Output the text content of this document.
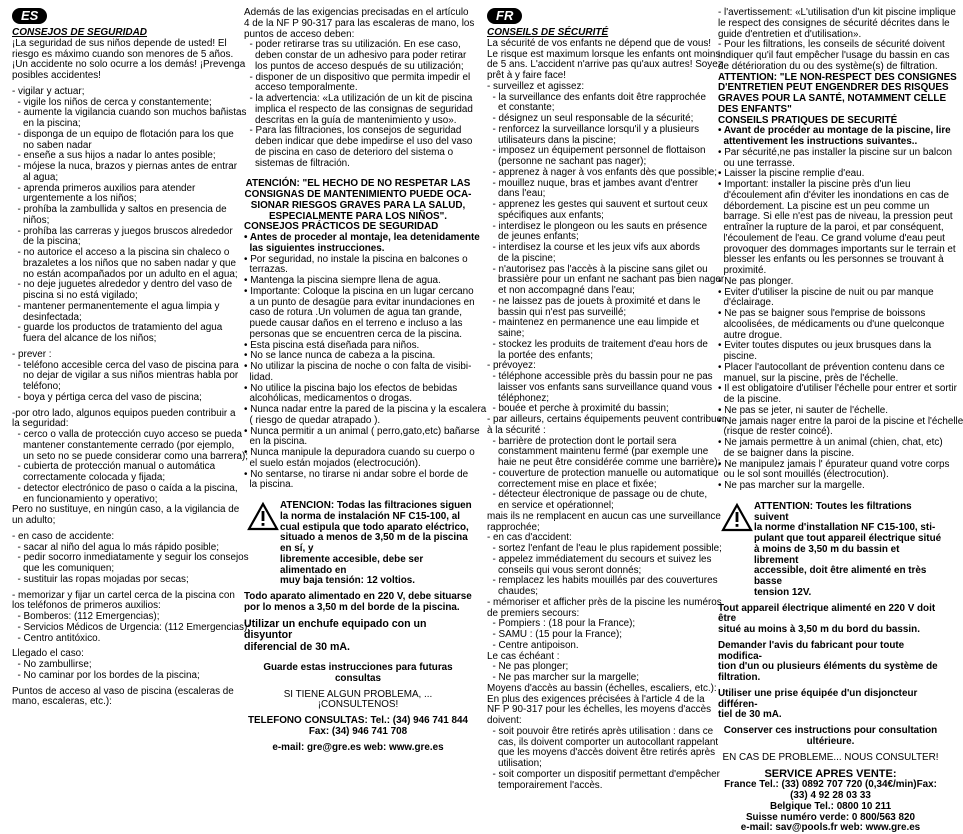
ES
CONSEJOS DE SEGURIDAD
¡La seguridad de sus niños depende de usted! El
riesgo es máximo cuando son menores de 5 años.
¡Un accidente no solo ocurre a los demás! ¡Prevenga
posibles accidentes!
- vigilar y actuar;
- vigile los niños de cerca y constantemente;
- aumente la vigilancia cuando son muchos bañistas
en la piscina;
- disponga de un equipo de flotación para los que
no saben nadar
- enseñe a sus hijos a nadar lo antes posible;
- mójese la nuca, brazos y piernas antes de entrar
al agua;
- aprenda primeros auxilios para atender
urgentemente a los niños;
- prohíba la zambullida y saltos en presencia de
niños;
- prohíba las carreras y juegos bruscos alrededor
de la piscina;
- no autorice el acceso a la piscina sin chaleco o
brazaletes a los niños que no saben nadar y que
no están acompañados por un adulto en el agua;
- no deje juguetes alrededor y dentro del vaso de
piscina si no está vigilado;
- mantener permanentemente el agua limpia y
desinfectada;
- guarde los productos de tratamiento del agua
fuera del alcance de los niños;
- prever :
- teléfono accesible cerca del vaso de piscina para
no dejar de vigilar a sus niños mientras habla por
teléfono;
- boya y pértiga cerca del vaso de piscina;
-por otro lado, algunos equipos pueden contribuir a
la seguridad:
- cerco o valla de protección cuyo acceso se pueda
mantener constantemente cerrado (por ejemplo,
un seto no se puede considerar como una barrera);
- cubierta de protección manual o automática
correctamente colocada y fijada;
- detector electrónico de paso o caída a la piscina,
en funcionamiento y operativo;
Pero no sustituye, en ningún caso, a la vigilancia de
un adulto;
- en caso de accidente:
- sacar al niño del agua lo más rápido posible;
- pedir socorro inmediatamente y seguir los consejos
que les comuniquen;
- sustituir las ropas mojadas por secas;
- memorizar y fijar un cartel cerca de la piscina con
los teléfonos de primeros auxilios:
- Bomberos: (112 Emergencias);
- Servicios Médicos de Urgencia: (112 Emergencias);
- Centro antitóxico.
Llegado el caso:
- No zambullirse;
- No caminar por los bordes de la piscina;
Puntos de acceso al vaso de piscina (escaleras de
mano, escaleras, etc.):
Además de las exigencias precisadas en el artículo
4 de la NF P 90-317 para las escaleras de mano, los
puntos de acceso deben:
- poder retirarse tras su utilización. En ese caso,
deben constar de un adhesivo para poder retirar
los puntos de acceso después de su utilización;
- disponer de un dispositivo que permita impedir el
acceso temporalmente.
- la advertencia: «La utilización de un kit de piscina
implica el respecto de las consignas de seguridad
descritas en la guía de mantenimiento y uso».
- Para las filtraciones, los consejos de seguridad
deben indicar que debe impedirse el uso del vaso
de piscina en caso de deterioro del sistema o
sistemas de filtración.
ATENCIÓN: "EL HECHO DE NO RESPETAR LAS
CONSIGNAS DE MANTENIMIENTO PUEDE OCA-
SIONAR RIESGOS GRAVES PARA LA SALUD,
ESPECIALMENTE PARA LOS NIÑOS".
CONSEJOS PRÁCTICOS DE SEGURIDAD
• Antes de proceder al montaje, lea detenidamente
las siguientes instrucciones.
• Por seguridad, no instale la piscina en balcones o
terrazas.
• Mantenga la piscina siempre llena de agua.
• Importante: Coloque la piscina en un lugar cercano
a un punto de desagüe para evitar inundaciones en
caso de rotura .Un volumen de agua tan grande,
puede causar daños en el terreno e incluso a las
personas que se encuentren cerca de la piscina.
• Esta piscina está diseñada para niños.
• No se lance nunca de cabeza a la piscina.
• No utilizar la piscina de noche o con falta de visibi-
lidad.
• No utilice la piscina bajo los efectos de bebidas
alcohólicas, medicamentos o drogas.
• Nunca nadar entre la pared de la piscina y la escalera
( riesgo de quedar atrapado ).
• Nunca permitir a un animal ( perro,gato,etc) bañarse
en la piscina.
• Nunca manipule la depuradora cuando su cuerpo o
el suelo están mojados (electrocución).
• No sentarse, no tirarse ni andar sobre el borde de
la piscina.
ATENCION: Todas las filtraciones siguen
la norma de instalación NF C15-100, al
cual estipula que todo aparato eléctrico,
situado a menos de 3,50 m de la piscina en sí, y
libremente accesible, debe ser alimentado en
muy baja tensión: 12 voltios.
Todo aparato alimentado en 220 V, debe situarse
por lo menos a 3,50 m del borde de la piscina.
Utilizar un enchufe equipado con un disyuntor
diferencial de 30 mA.
Guarde estas instrucciones para futuras consultas
SI TIENE ALGUN PROBLEMA, ...¡CONSULTENOS!
TELEFONO CONSULTAS: Tel.: (34) 946 741 844
Fax: (34) 946 741 708
e-mail: gre@gre.es web: www.gre.es
FR
CONSEILS DE SÉCURITÉ
La sécurité de vos enfants ne dépend que de vous!
Le risque est maximum lorsque les enfants ont moins
de 5 ans. L'accident n'arrive pas qu'aux autres! Soyez
prêt à y faire face!
- surveillez et agissez:
- la surveillance des enfants doit être rapprochée
et constante;
- désignez un seul responsable de la sécurité;
- renforcez la surveillance lorsqu'il y a plusieurs
utilisateurs dans la piscine;
- imposez un équipement personnel de flottaison
(personne ne sachant pas nager);
- apprenez à nager à vos enfants dès que possible;
- mouillez nuque, bras et jambes avant d'entrer
dans l'eau;
- apprenez les gestes qui sauvent et surtout ceux
spécifiques aux enfants;
- interdisez le plongeon ou les sauts en présence
de jeunes enfants;
- interdisez la course et les jeux vifs aux abords
de la piscine;
- n'autorisez pas l'accès à la piscine sans gilet ou
brassière pour un enfant ne sachant pas bien nager
et non accompagné dans l'eau;
- ne laissez pas de jouets à proximité et dans le
bassin qui n'est pas surveillé;
- maintenez en permanence une eau limpide et
saine;
- stockez les produits de traitement d'eau hors de
la portée des enfants;
- prévoyez:
- téléphone accessible près du bassin pour ne pas
laisser vos enfants sans surveillance quand vous
téléphonez;
- bouée et perche à proximité du bassin;
- par ailleurs, certains équipements peuvent contribuer
à la sécurité :
- barrière de protection dont le portail sera
constamment maintenu fermé (par exemple une
haie ne peut être considérée comme une barrière);
- couverture de protection manuelle ou automatique
correctement mise en place et fixée;
- détecteur électronique de passage ou de chute,
en service et opérationnel;
mais ils ne remplacent en aucun cas une surveillance
rapprochée;
- en cas d'accident:
- sortez l'enfant de l'eau le plus rapidement possible;
- appelez immédiatement du secours et suivez les
conseils qui vous seront donnés;
- remplacez les habits mouillés par des couvertures
chaudes;
- mémoriser et afficher près de la piscine les numéros
de premiers secours:
- Pompiers : (18 pour la France);
- SAMU : (15 pour la France);
- Centre antipoison.
Le cas échéant :
- Ne pas plonger;
- Ne pas marcher sur la margelle;
Moyens d'accès au bassin (échelles, escaliers, etc.):
En plus des exigences précisées à l'article 4 de la
NF P 90-317 pour les échelles, les moyens d'accès
doivent:
- soit pouvoir être retirés après utilisation : dans ce
cas, ils doivent comporter un autocollant rappelant
que les moyens d'accès doivent être retirés après
utilisation;
- soit comporter un dispositif permettant d'empêcher
temporairement l'accès.
- l'avertissement: «L'utilisation d'un kit piscine implique
le respect des consignes de sécurité décrites dans le
guide d'entretien et d'utilisation».
- Pour les filtrations, les conseils de sécurité doivent
indiquer qu'il faut empêcher l'usage du bassin en cas
de détérioration du ou des système(s) de filtration.
ATTENTION: "LE NON-RESPECT DES CONSIGNES
D'ENTRETIEN PEUT ENGENDRER DES RISQUES
GRAVES POUR LA SANTÉ, NOTAMMENT CELLE
DES ENFANTS"
CONSEILS PRATIQUES DE SECURITÉ
• Avant de procéder au montage de la piscine, lire
attentivement les instructions suivantes..
• Par sécurité,ne pas installer la piscine sur un balcon
ou une terrasse.
• Laisser la piscine remplie d'eau.
• Important: installer la piscine près d'un lieu
d'écoulement afin d'éviter les inondations en cas de
débordement. La piscine est un peu comme un
barrage. Si elle n'est pas de niveau, la pression peut
entraîner la rupture de la paroi, et par conséquent,
l'écoulement de l'eau. Ce grand volume d'eau peut
provoquer des dommages importants sur le terrain et
blesser les enfants ou les personnes se trouvant à
proximité.
• Ne pas plonger.
• Eviter d'utiliser la piscine de nuit ou par manque
d'éclairage.
• Ne pas se baigner sous l'emprise de boissons
alcoolisées, de médicaments ou d'une quelconque
autre drogue.
• Eviter toutes disputes ou jeux brusques dans la
piscine.
• Placer l'autocollant de prévention contenu dans ce
manuel, sur la piscine, près de l'échelle.
• Il est obligatoire d'utiliser l'échelle pour entrer et sortir
de la piscine.
• Ne pas se jeter, ni sauter de l'échelle.
• Ne jamais nager entre la paroi de la piscine et l'échelle
(risque de rester coincé).
• Ne jamais permettre à un animal (chien, chat, etc)
de se baigner dans la piscine.
• Ne manipulez jamais l' épurateur quand votre corps
ou le sol sont mouillés (électrocution).
• Ne pas marcher sur la margelle.
ATTENTION: Toutes les filtrations suivent
la norme d'installation NF C15-100, sti-
pulant que tout appareil électrique situé
à moins de 3,50 m du bassin et librement
accessible, doit être alimenté en très basse
tension 12V.
Tout appareil électrique alimenté en 220 V doit être
situé au moins à 3,50 m du bord du bassin.
Demander l'avis du fabricant pour toute modifica-
tion d'un ou plusieurs éléments du système de
filtration.
Utiliser une prise équipée d'un disjoncteur différen-
tiel de 30 mA.
Conserver ces instructions pour consultation
ultérieure.
EN CAS DE PROBLEME... NOUS CONSULTER!
SERVICE APRES VENTE:
France Tel.: (33) 0892 707 720 (0,34€/min)Fax:
(33) 4 92 28 03 33
Belgique Tel.: 0800 10 211
Suisse numéro verde: 0 800/563 820
e-mail: sav@pools.fr web: www.gre.es
